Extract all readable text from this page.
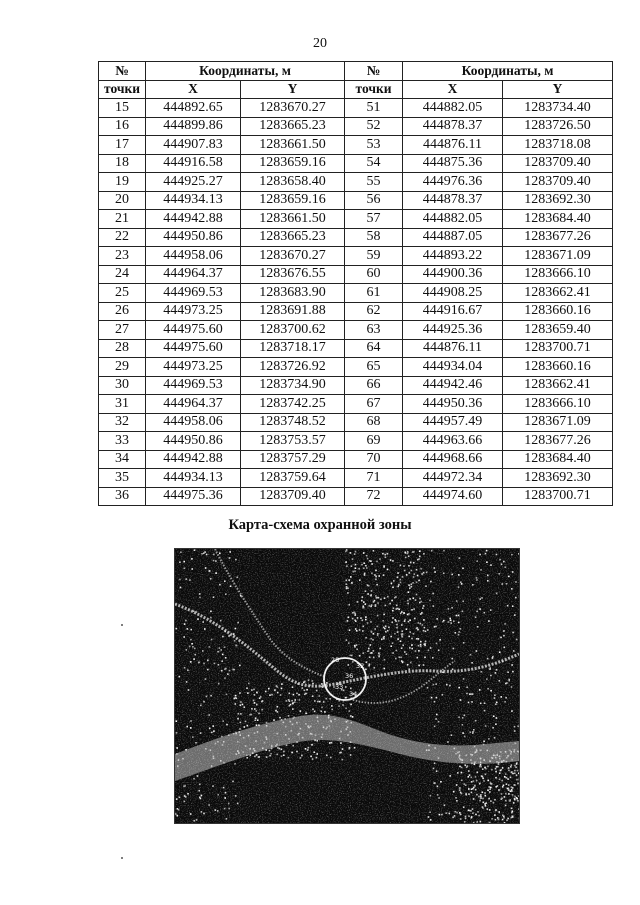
20
№	Координаты, м		№	Координаты, м	
точки	X	Y	точки	X	Y
15	444892.65	1283670.27	51	444882.05	1283734.40
16	444899.86	1283665.23	52	444878.37	1283726.50
17	444907.83	1283661.50	53	444876.11	1283718.08
18	444916.58	1283659.16	54	444875.36	1283709.40
19	444925.27	1283658.40	55	444976.36	1283709.40
20	444934.13	1283659.16	56	444878.37	1283692.30
21	444942.88	1283661.50	57	444882.05	1283684.40
22	444950.86	1283665.23	58	444887.05	1283677.26
23	444958.06	1283670.27	59	444893.22	1283671.09
24	444964.37	1283676.55	60	444900.36	1283666.10
25	444969.53	1283683.90	61	444908.25	1283662.41
26	444973.25	1283691.88	62	444916.67	1283660.16
27	444975.60	1283700.62	63	444925.36	1283659.40
28	444975.60	1283718.17	64	444876.11	1283700.71
29	444973.25	1283726.92	65	444934.04	1283660.16
30	444969.53	1283734.90	66	444942.46	1283662.41
31	444964.37	1283742.25	67	444950.36	1283666.10
32	444958.06	1283748.52	68	444957.49	1283671.09
33	444950.86	1283753.57	69	444963.66	1283677.26
34	444942.88	1283757.29	70	444968.66	1283684.40
35	444934.13	1283759.64	71	444972.34	1283692.30
36	444975.36	1283709.40	72	444974.60	1283700.71
Карта-схема охранной зоны
28
32
36
33
34
